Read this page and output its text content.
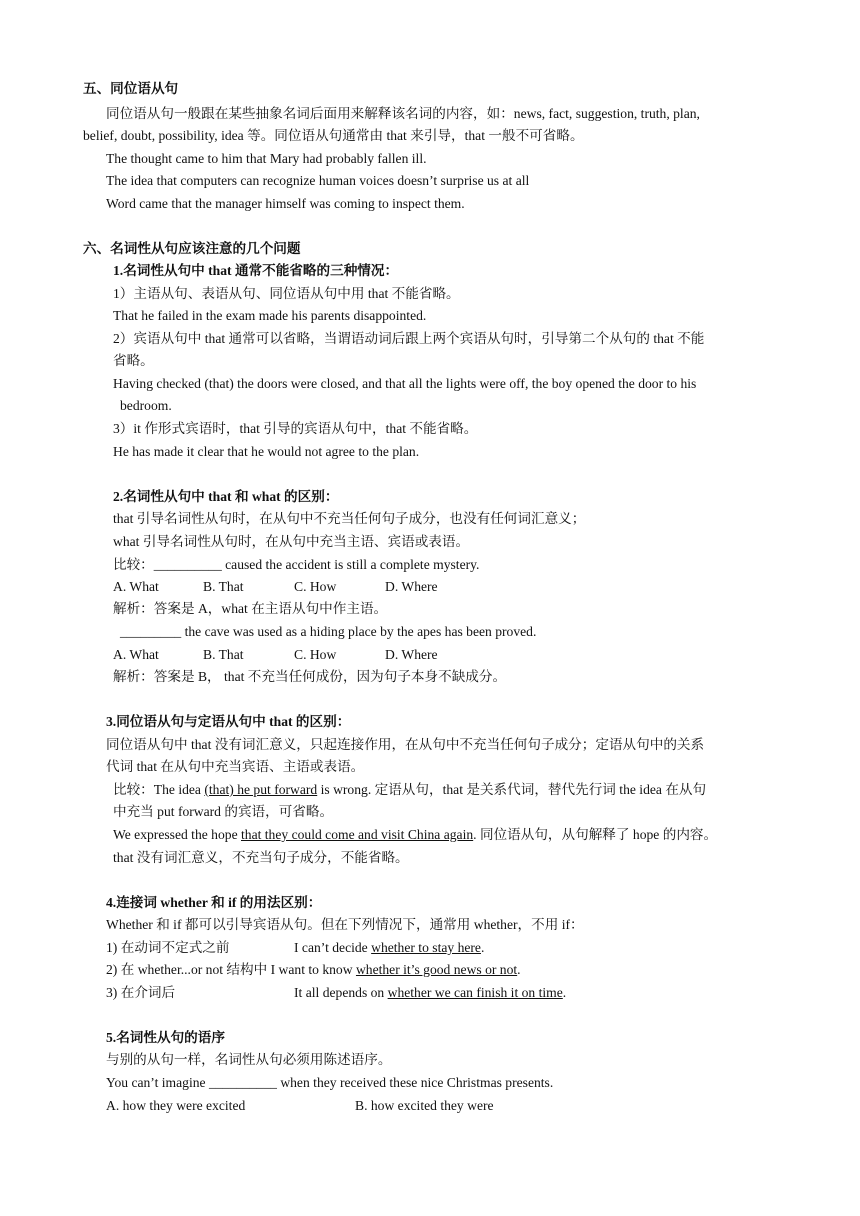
五、同位语从句
同位语从句一般跟在某些抽象名词后面用来解释该名词的内容，如：news, fact, suggestion, truth, plan,
belief, doubt, possibility, idea 等。同位语从句通常由 that 来引导，that 一般不可省略。
The thought came to him that Mary had probably fallen ill.
The idea that computers can recognize human voices doesn’t surprise us at all
Word came that the manager himself was coming to inspect them.
六、名词性从句应该注意的几个问题
1.名词性从句中 that 通常不能省略的三种情况：
1）主语从句、表语从句、同位语从句中用 that 不能省略。
That he failed in the exam made his parents disappointed.
2）宾语从句中 that 通常可以省略，当谓语动词后跟上两个宾语从句时，引导第二个从句的 that 不能
省略。
Having checked (that) the doors were closed, and that all the lights were off, the boy opened the door to his
bedroom.
3）it 作形式宾语时，that 引导的宾语从句中，that 不能省略。
He has made it clear that he would not agree to the plan.
2.名词性从句中 that 和 what 的区别：
that 引导名词性从句时，在从句中不充当任何句子成分，也没有任何词汇意义；
what 引导名词性从句时，在从句中充当主语、宾语或表语。
比较：__________ caused the accident is still a complete mystery.
A. What	B. That	C. How	D. Where
解析：答案是 A，what 在主语从句中作主语。
_________ the cave was used as a hiding place by the apes has been proved.
A. What	B. That	C. How	D. Where
解析：答案是 B， that 不充当任何成份，因为句子本身不缺成分。
3.同位语从句与定语从句中 that 的区别：
同位语从句中 that 没有词汇意义，只起连接作用，在从句中不充当任何句子成分；定语从句中的关系
代词 that 在从句中充当宾语、主语或表语。
比较：The idea (that) he put forward is wrong. 定语从句，that 是关系代词，替代先行词 the idea 在从句
中充当 put forward 的宾语，可省略。
We expressed the hope that they could come and visit China again. 同位语从句，从句解释了 hope 的内容。
that 没有词汇意义，不充当句子成分，不能省略。
4.连接词 whether 和 if 的用法区别：
Whether 和 if 都可以引导宾语从句。但在下列情况下，通常用 whether，不用 if：
1) 在动词不定式之前	I can’t decide whether to stay here.
2) 在 whether...or not 结构中 I want to know whether it’s good news or not.
3) 在介词后	It all depends on whether we can finish it on time.
5.名词性从句的语序
与别的从句一样，名词性从句必须用陈述语序。
You can’t imagine __________ when they received these nice Christmas presents.
A. how they were excited	B. how excited they were
